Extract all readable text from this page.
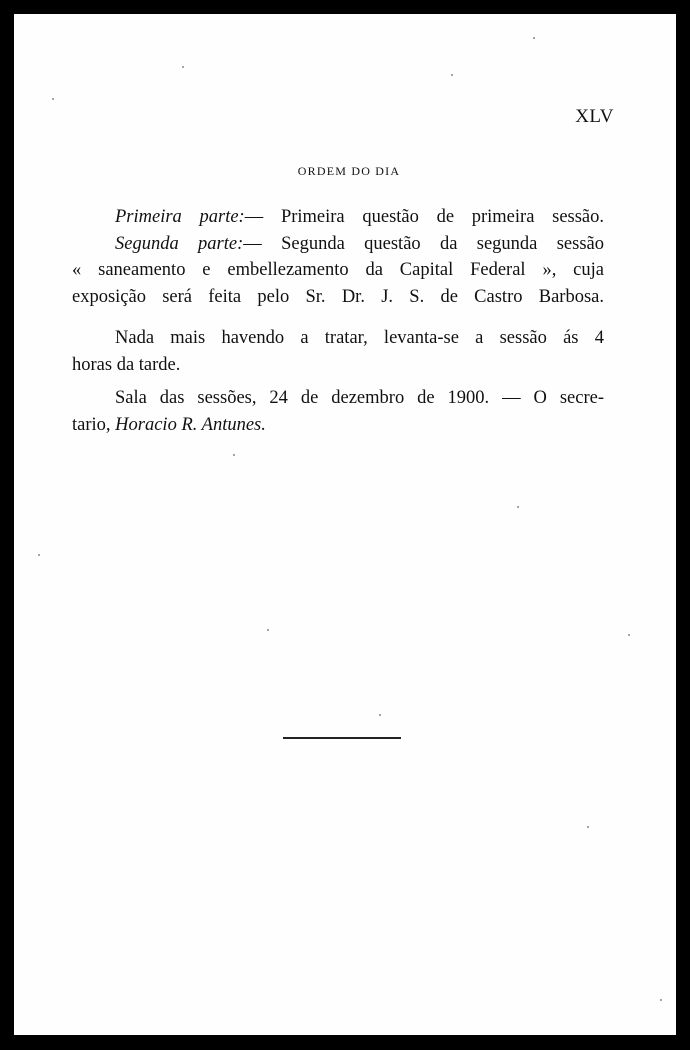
XLV
ORDEM DO DIA
Primeira parte:— Primeira questão de primeira sessão.
Segunda parte:— Segunda questão da segunda sessão
« saneamento e embellezamento da Capital Federal », cuja
exposição será feita pelo Sr. Dr. J. S. de Castro Barbosa.
Nada mais havendo a tratar, levanta-se a sessão ás 4
horas da tarde.
Sala das sessões, 24 de dezembro de 1900. — O secre-
tario, Horacio R. Antunes.
